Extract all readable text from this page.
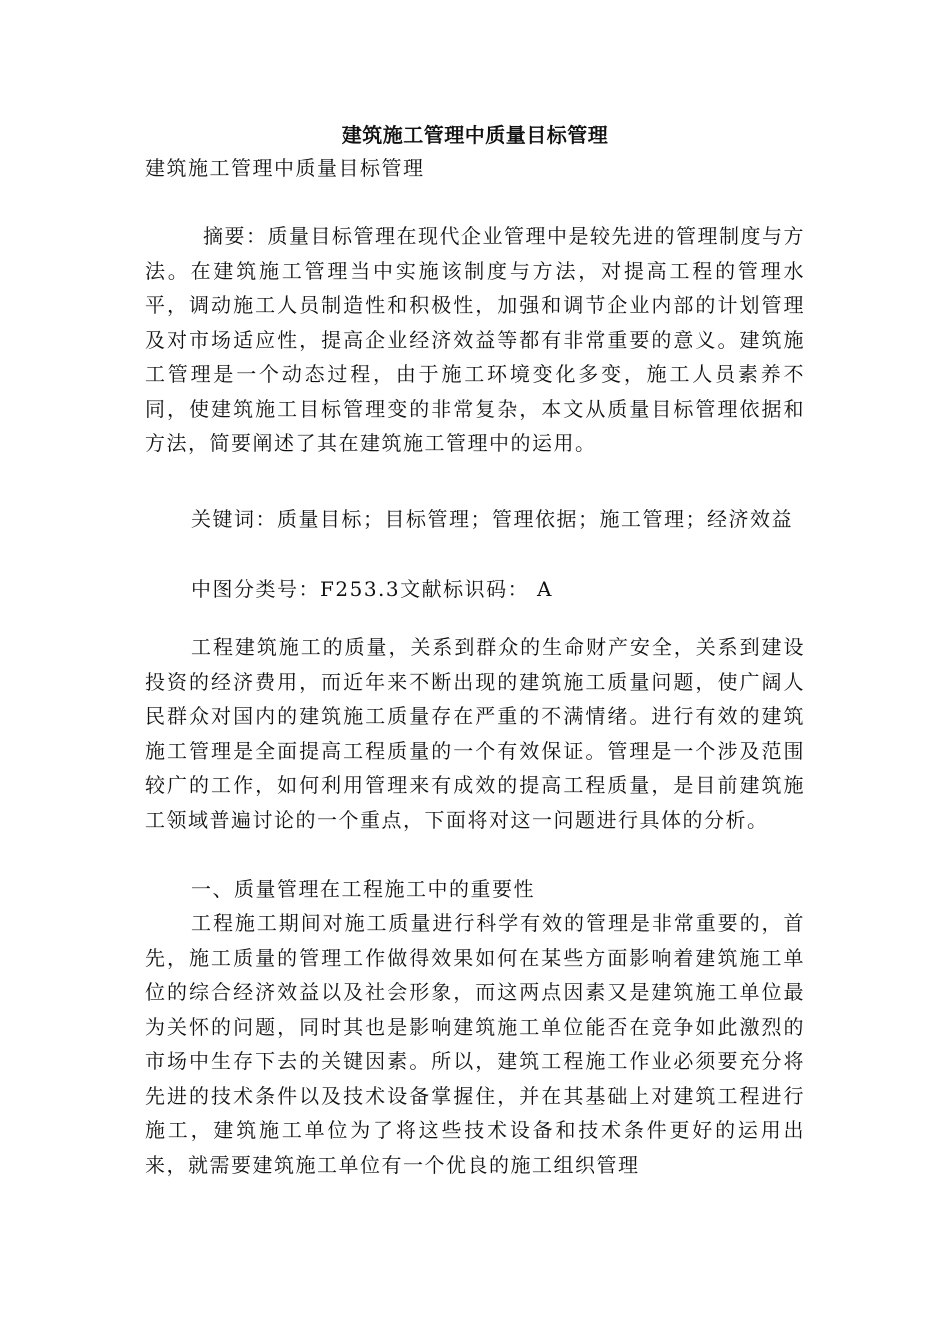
建筑施工管理中质量目标管理
建筑施工管理中质量目标管理
摘要：质量目标管理在现代企业管理中是较先进的管理制度与方法。在建筑施工管理当中实施该制度与方法，对提高工程的管理水平，调动施工人员制造性和积极性，加强和调节企业内部的计划管理及对市场适应性，提高企业经济效益等都有非常重要的意义。建筑施工管理是一个动态过程，由于施工环境变化多变，施工人员素养不同，使建筑施工目标管理变的非常复杂，本文从质量目标管理依据和方法，简要阐述了其在建筑施工管理中的运用。
关键词：质量目标；目标管理；管理依据；施工管理；经济效益
中图分类号：F253.3文献标识码： A
工程建筑施工的质量，关系到群众的生命财产安全，关系到建设投资的经济费用，而近年来不断出现的建筑施工质量问题，使广阔人民群众对国内的建筑施工质量存在严重的不满情绪。进行有效的建筑施工管理是全面提高工程质量的一个有效保证。管理是一个涉及范围较广的工作，如何利用管理来有成效的提高工程质量，是目前建筑施工领域普遍讨论的一个重点，下面将对这一问题进行具体的分析。
一、质量管理在工程施工中的重要性
工程施工期间对施工质量进行科学有效的管理是非常重要的，首先，施工质量的管理工作做得效果如何在某些方面影响着建筑施工单位的综合经济效益以及社会形象，而这两点因素又是建筑施工单位最为关怀的问题，同时其也是影响建筑施工单位能否在竞争如此激烈的市场中生存下去的关键因素。所以，建筑工程施工作业必须要充分将先进的技术条件以及技术设备掌握住，并在其基础上对建筑工程进行施工，建筑施工单位为了将这些技术设备和技术条件更好的运用出来，就需要建筑施工单位有一个优良的施工组织管理
